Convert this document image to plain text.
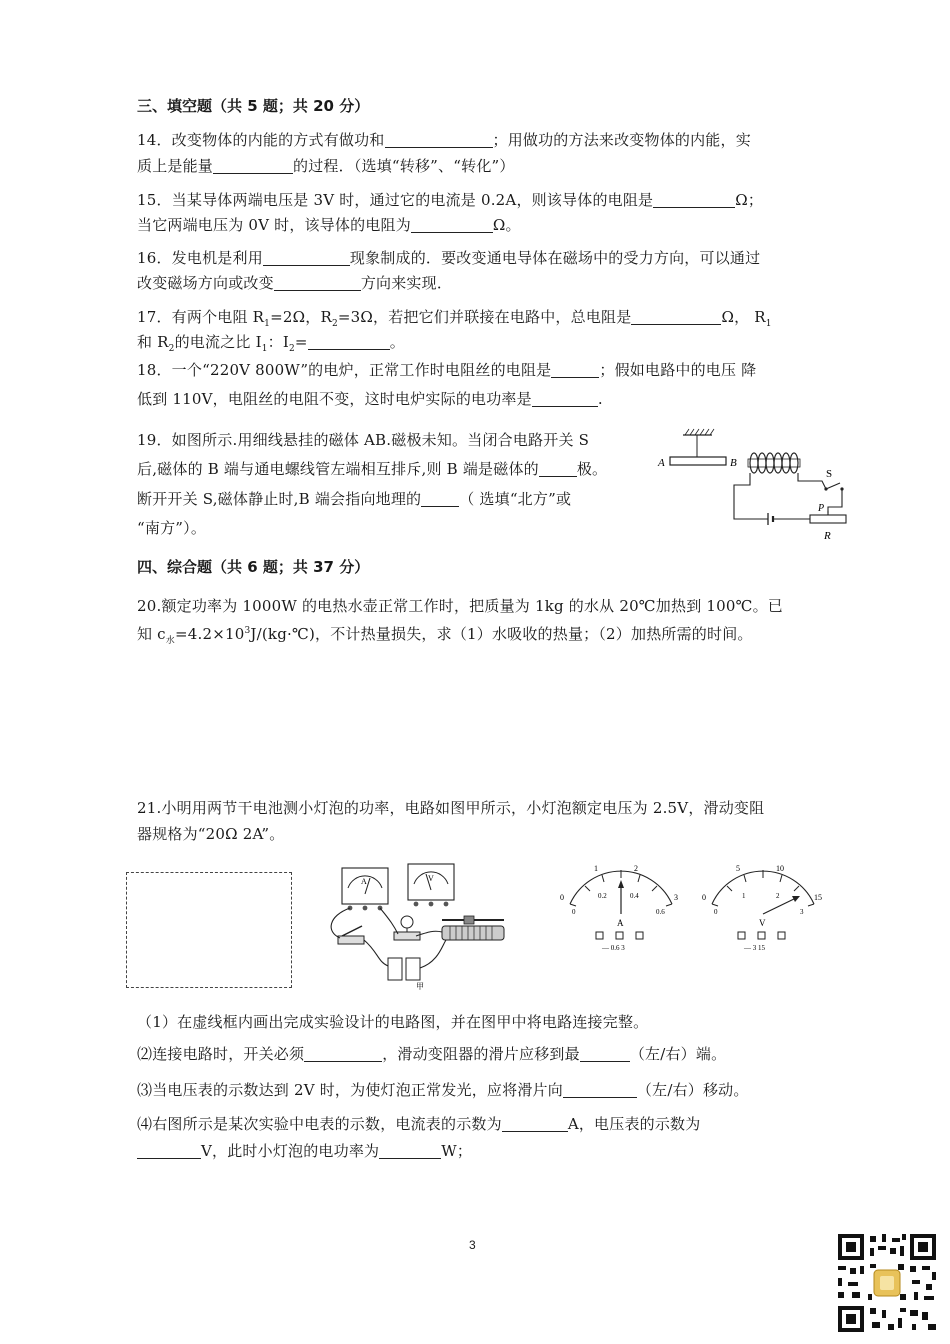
三、填空题（共 5 题；共 20 分）
14．改变物体的内能的方式有做功和	；用做功的方法来改变物体的内能，实
质上是能量	的过程．（选填“转移”、“转化”）
15．当某导体两端电压是 3V 时，通过它的电流是 0.2A，则该导体的电阻是	Ω；
当它两端电压为 0V 时，该导体的电阻为	Ω。
16．发电机是利用	现象制成的．要改变通电导体在磁场中的受力方向，可以通过
改变磁场方向或改变	方向来实现．
17．有两个电阻 $R_1=2\Omega$，$R_2=3\Omega$，若把它们并联接在电路中，总电阻是	Ω， $R_1$
和 $R_2$的电流之比 $I_1$：$I_2=$	。
18．一个“220V 800W”的电炉，正常工作时电阻丝的电阻是	；假如电路中的电压 降
低到 110V，电阻丝的电阻不变，这时电炉实际的电功率是	.
19．如图所示.用细线悬挂的磁体 AB.磁极未知。当闭合电路开关 S
后,磁体的 B 端与通电螺线管左端相互排斥,则 B 端是磁体的	极。
断开开关 S,磁体静止时,B 端会指向地理的	（ 选填“北方”或
“南方”）。
A	B
S
P
R
四、综合题（共 6 题；共 37 分）
20.额定功率为 1000W 的电热水壶正常工作时，把质量为 1kg 的水从 20℃加热到 100℃。已
知 $c_水=4.2\times 10^3J/(kg\cdot℃)$，不计热量损失，求（1）水吸收的热量；（2）加热所需的时间。
21.小明用两节干电池测小灯泡的功率，电路如图甲所示，小灯泡额定电压为 2.5V，滑动变阻
器规格为“20Ω 2A”。
A	V
甲
0
1	2
3
0
0.2	0.4
0.6
A
— 0.6 3
0
5	10
15
0
1	2
3
V
— 3 15
（1）在虚线框内画出完成实验设计的电路图，并在图甲中将电路连接完整。
⑵连接电路时，开关必须	，滑动变阻器的滑片应移到最	（左/右）端。
⑶当电压表的示数达到 2V 时，为使灯泡正常发光，应将滑片向	（左/右）移动。
⑷右图所示是某次实验中电表的示数，电流表的示数为	A，电压表的示数为
V，此时小灯泡的电功率为	W；
3
